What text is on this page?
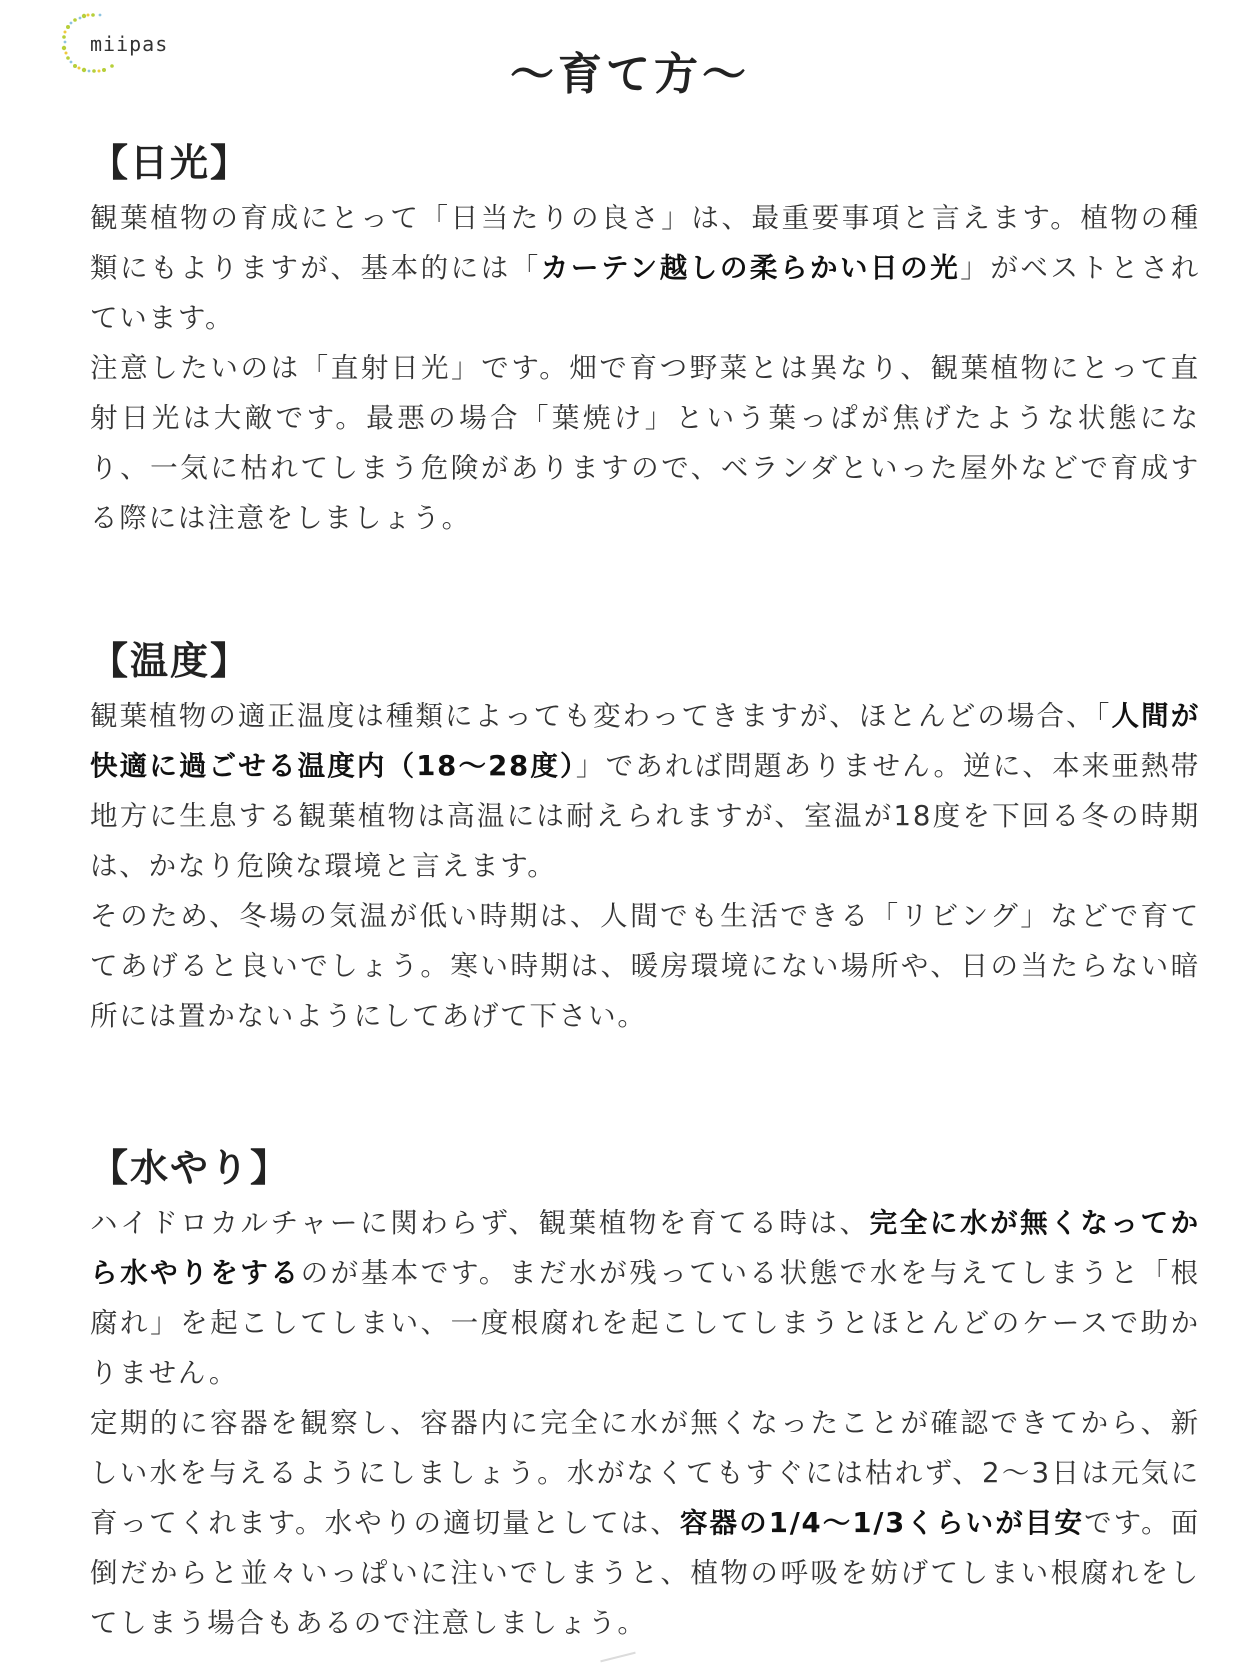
miipas
～育て方～
【日光】

観葉植物の育成にとって「日当たりの良さ」は、最重要事項と言えます。植物の種類にもよりますが、基本的には「カーテン越しの柔らかい日の光」がベストとされています。

注意したいのは「直射日光」です。畑で育つ野菜とは異なり、観葉植物にとって直射日光は大敵です。最悪の場合「葉焼け」という葉っぱが焦げたような状態になり、一気に枯れてしまう危険がありますので、ベランダといった屋外などで育成する際には注意をしましょう。

【温度】

観葉植物の適正温度は種類によっても変わってきますが、ほとんどの場合、「人間が快適に過ごせる温度内（18～28度）」であれば問題ありません。逆に、本来亜熱帯地方に生息する観葉植物は高温には耐えられますが、室温が18度を下回る冬の時期は、かなり危険な環境と言えます。

そのため、冬場の気温が低い時期は、人間でも生活できる「リビング」などで育ててあげると良いでしょう。寒い時期は、暖房環境にない場所や、日の当たらない暗所には置かないようにしてあげて下さい。

【水やり】

ハイドロカルチャーに関わらず、観葉植物を育てる時は、完全に水が無くなってから水やりをするのが基本です。まだ水が残っている状態で水を与えてしまうと「根腐れ」を起こしてしまい、一度根腐れを起こしてしまうとほとんどのケースで助かりません。

定期的に容器を観察し、容器内に完全に水が無くなったことが確認できてから、新しい水を与えるようにしましょう。水がなくてもすぐには枯れず、2～3日は元気に育ってくれます。水やりの適切量としては、容器の1/4～1/3くらいが目安です。面倒だからと並々いっぱいに注いでしまうと、植物の呼吸を妨げてしまい根腐れをしてしまう場合もあるので注意しましょう。
